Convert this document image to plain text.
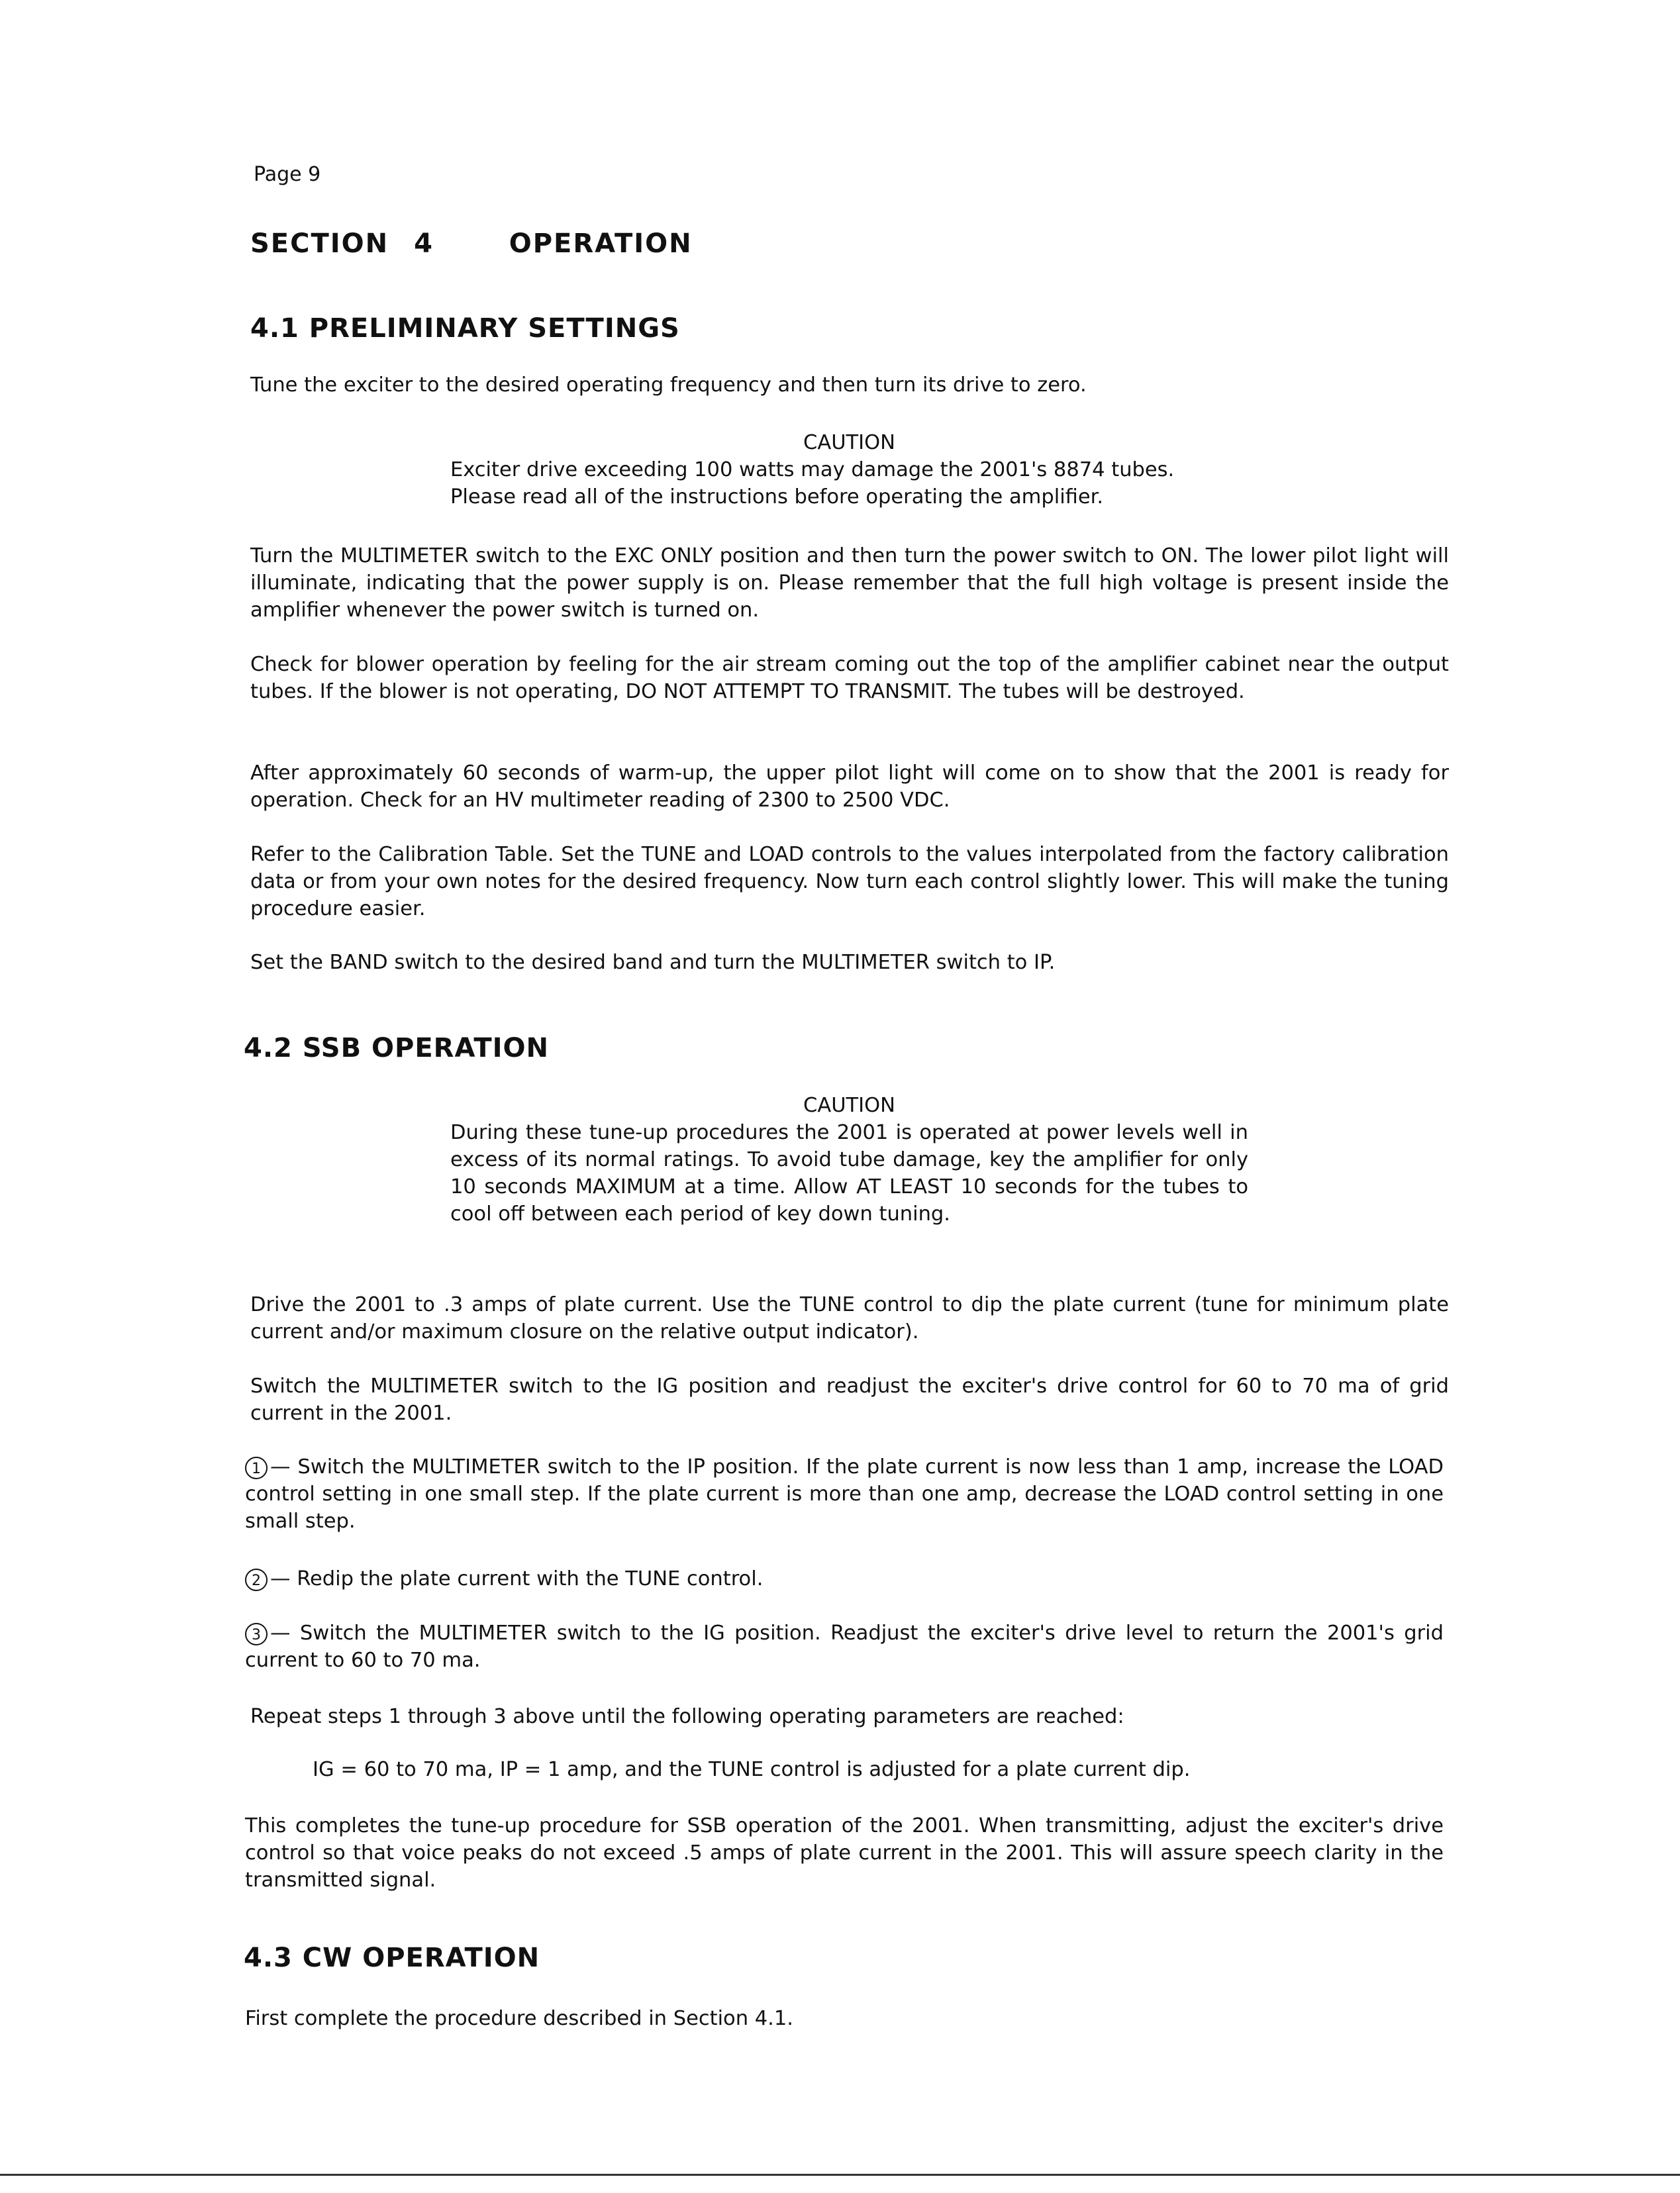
Page 9
SECTION 4	OPERATION
4.1 PRELIMINARY SETTINGS

Tune the exciter to the desired operating frequency and then turn its drive to zero.

CAUTION

Exciter drive exceeding 100 watts may damage the 2001's 8874 tubes.

Please read all of the instructions before operating the amplifier.

Turn the MULTIMETER switch to the EXC ONLY position and then turn the power switch to ON. The lower pilot light will illuminate, indicating that the power supply is on. Please remember that the full high voltage is present inside the amplifier whenever the power switch is turned on.

Check for blower operation by feeling for the air stream coming out the top of the amplifier cabinet near the output tubes. If the blower is not operating, DO NOT ATTEMPT TO TRANSMIT. The tubes will be destroyed.

After approximately 60 seconds of warm-up, the upper pilot light will come on to show that the 2001 is ready for operation. Check for an HV multimeter reading of 2300 to 2500 VDC.

Refer to the Calibration Table. Set the TUNE and LOAD controls to the values interpolated from the factory calibration data or from your own notes for the desired frequency. Now turn each control slightly lower. This will make the tuning procedure easier.

Set the BAND switch to the desired band and turn the MULTIMETER switch to IP.

4.2 SSB OPERATION

CAUTION

During these tune-up procedures the 2001 is operated at power levels well in excess of its normal ratings. To avoid tube damage, key the amplifier for only 10 seconds MAXIMUM at a time. Allow AT LEAST 10 seconds for the tubes to cool off between each period of key down tuning.

Drive the 2001 to .3 amps of plate current. Use the TUNE control to dip the plate current (tune for minimum plate current and/or maximum closure on the relative output indicator).

Switch the MULTIMETER switch to the IG position and readjust the exciter's drive control for 60 to 70 ma of grid current in the 2001.

1 — Switch the MULTIMETER switch to the IP position. If the plate current is now less than 1 amp, increase the LOAD control setting in one small step. If the plate current is more than one amp, decrease the LOAD control setting in one small step.

2 — Redip the plate current with the TUNE control.

3 — Switch the MULTIMETER switch to the IG position. Readjust the exciter's drive level to return the 2001's grid current to 60 to 70 ma.

Repeat steps 1 through 3 above until the following operating parameters are reached:

IG = 60 to 70 ma, IP = 1 amp, and the TUNE control is adjusted for a plate current dip.

This completes the tune-up procedure for SSB operation of the 2001. When transmitting, adjust the exciter's drive control so that voice peaks do not exceed .5 amps of plate current in the 2001. This will assure speech clarity in the transmitted signal.

4.3 CW OPERATION

First complete the procedure described in Section 4.1.
